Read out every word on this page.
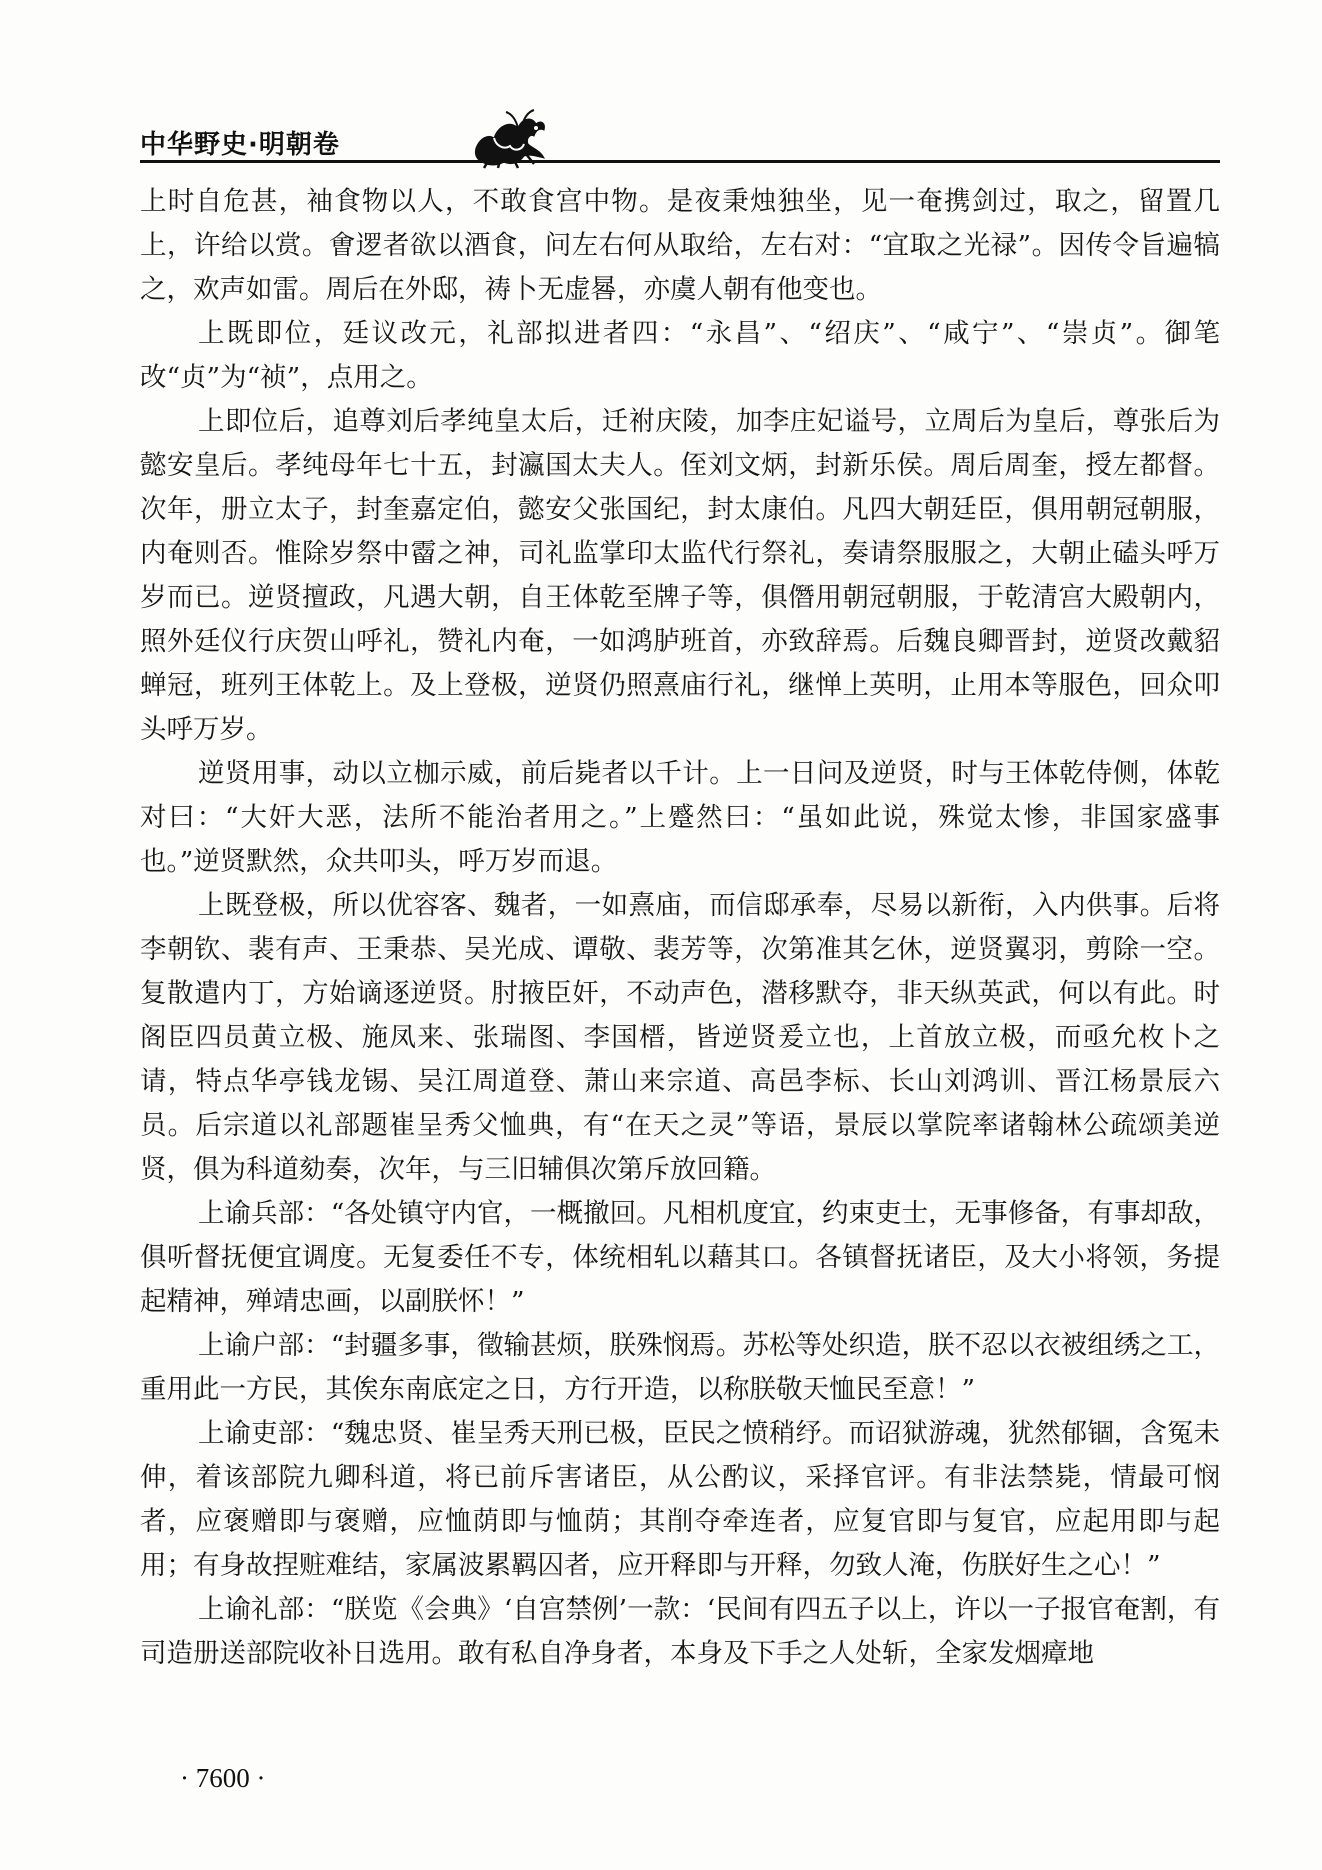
中华野史·明朝卷

上时自危甚，袖食物以人，不敢食宫中物。是夜秉烛独坐，见一奄携剑过，取之，留置几上，许给以赏。㑹逻者欲以酒食，问左右何从取给，左右对：“宜取之光禄”。因传令旨遍犒之，欢声如雷。周后在外邸，祷卜无虚晷，亦虞人朝有他变也。

上既即位，廷议改元，礼部拟进者四：“永昌”、“绍庆”、“咸宁”、“崇贞”。御笔改“贞”为“祯”，点用之。

上即位后，追尊刘后孝纯皇太后，迁祔庆陵，加李庄妃谥号，立周后为皇后，尊张后为懿安皇后。孝纯母年七十五，封瀛国太夫人。侄刘文炳，封新乐侯。周后周奎，授左都督。次年，册立太子，封奎嘉定伯，懿安父张国纪，封太康伯。凡四大朝廷臣，俱用朝冠朝服，内奄则否。惟除岁祭中霤之神，司礼监掌印太监代行祭礼，奏请祭服服之，大朝止磕头呼万岁而已。逆贤擅政，凡遇大朝，自王体乾至牌子等，俱僭用朝冠朝服，于乾清宫大殿朝内，照外廷仪行庆贺山呼礼，赞礼内奄，一如鸿胪班首，亦致辞焉。后魏良卿晋封，逆贤改戴貂蝉冠，班列王体乾上。及上登极，逆贤仍照熹庙行礼，继惮上英明，止用本等服色，回众叩头呼万岁。

逆贤用事，动以立枷示威，前后毙者以千计。上一日问及逆贤，时与王体乾侍侧，体乾对曰：“大奸大恶，法所不能治者用之。”上蹙然曰：“虽如此说，殊觉太惨，非国家盛事也。”逆贤默然，众共叩头，呼万岁而退。

上既登极，所以优容客、魏者，一如熹庙，而信邸承奉，尽易以新衔，入内供事。后将李朝钦、裴有声、王秉恭、吴光成、谭敬、裴芳等，次第准其乞休，逆贤翼羽，剪除一空。复散遣内丁，方始谪逐逆贤。肘掖臣奸，不动声色，潜移默夺，非天纵英武，何以有此。时阁臣四员黄立极、施凤来、张瑞图、李国榗，皆逆贤爰立也，上首放立极，而亟允枚卜之请，特点华亭钱龙锡、吴江周道登、萧山来宗道、高邑李标、长山刘鸿训、晋江杨景辰六员。后宗道以礼部题崔呈秀父恤典，有“在天之灵”等语，景辰以掌院率诸翰林公疏颂美逆贤，俱为科道劾奏，次年，与三旧辅俱次第斥放回籍。

上谕兵部：“各处镇守内官，一概撤回。凡相机度宜，约束吏士，无事修备，有事却敌，俱听督抚便宜调度。无复委任不专，体统相轧以藉其口。各镇督抚诸臣，及大小将领，务提起精神，殚靖忠画，以副朕怀！”

上谕户部：“封疆多事，徵输甚烦，朕殊悯焉。苏松等处织造，朕不忍以衣被组绣之工，重用此一方民，其俟东南底定之日，方行开造，以称朕敬天恤民至意！”

上谕吏部：“魏忠贤、崔呈秀天刑已极，臣民之愤稍纾。而诏狱游魂，犹然郁锢，含冤未伸，着该部院九卿科道，将已前斥害诸臣，从公酌议，采择官评。有非法禁毙，情最可悯者，应褒赠即与褒赠，应恤荫即与恤荫；其削夺牵连者，应复官即与复官，应起用即与起用；有身故捏赃难结，家属波累羁囚者，应开释即与开释，勿致人淹，伤朕好生之心！”

上谕礼部：“朕览《会典》‘自宫禁例’一款：‘民间有四五子以上，许以一子报官奄割，有司造册送部院收补日选用。敢有私自净身者，本身及下手之人处斩，全家发烟瘴地

· 7600 ·
